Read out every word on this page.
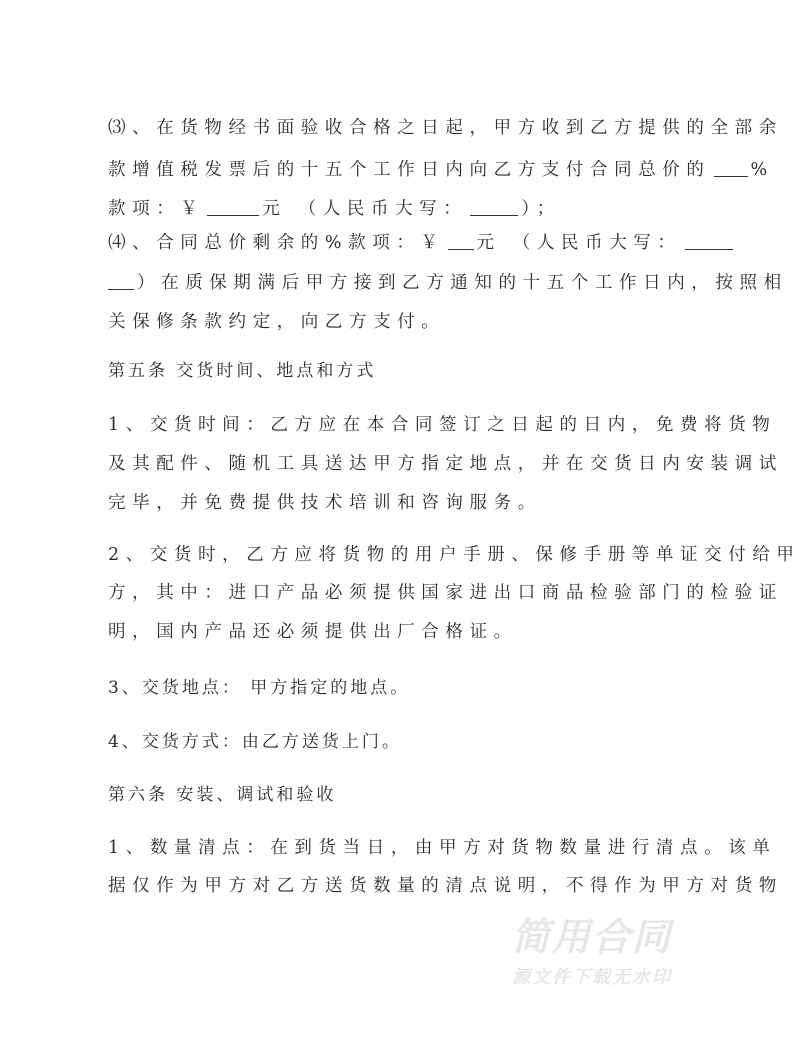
⑶、在货物经书面验收合格之日起，甲方收到乙方提供的全部余
款增值税发票后的十五个工作日内向乙方支付合同总价的 %
款项：￥	元 （人民币大写：	）；
⑷、合同总价剩余的%款项：￥ 元 （人民币大写：
）在质保期满后甲方接到乙方通知的十五个工作日内，按照相
关保修条款约定，向乙方支付。
第五条 交货时间、地点和方式
1、交货时间：乙方应在本合同签订之日起的日内，免费将货物
及其配件、随机工具送达甲方指定地点，并在交货日内安装调试
完毕，并免费提供技术培训和咨询服务。
2、交货时，乙方应将货物的用户手册、保修手册等单证交付给甲
方，其中：进口产品必须提供国家进出口商品检验部门的检验证
明，国内产品还必须提供出厂合格证。
3、交货地点： 甲方指定的地点。
4、交货方式：由乙方送货上门。
第六条 安装、调试和验收
1、数量清点：在到货当日，由甲方对货物数量进行清点。该单
据仅作为甲方对乙方送货数量的清点说明，不得作为甲方对货物
简用合同
源文件下载无水印
